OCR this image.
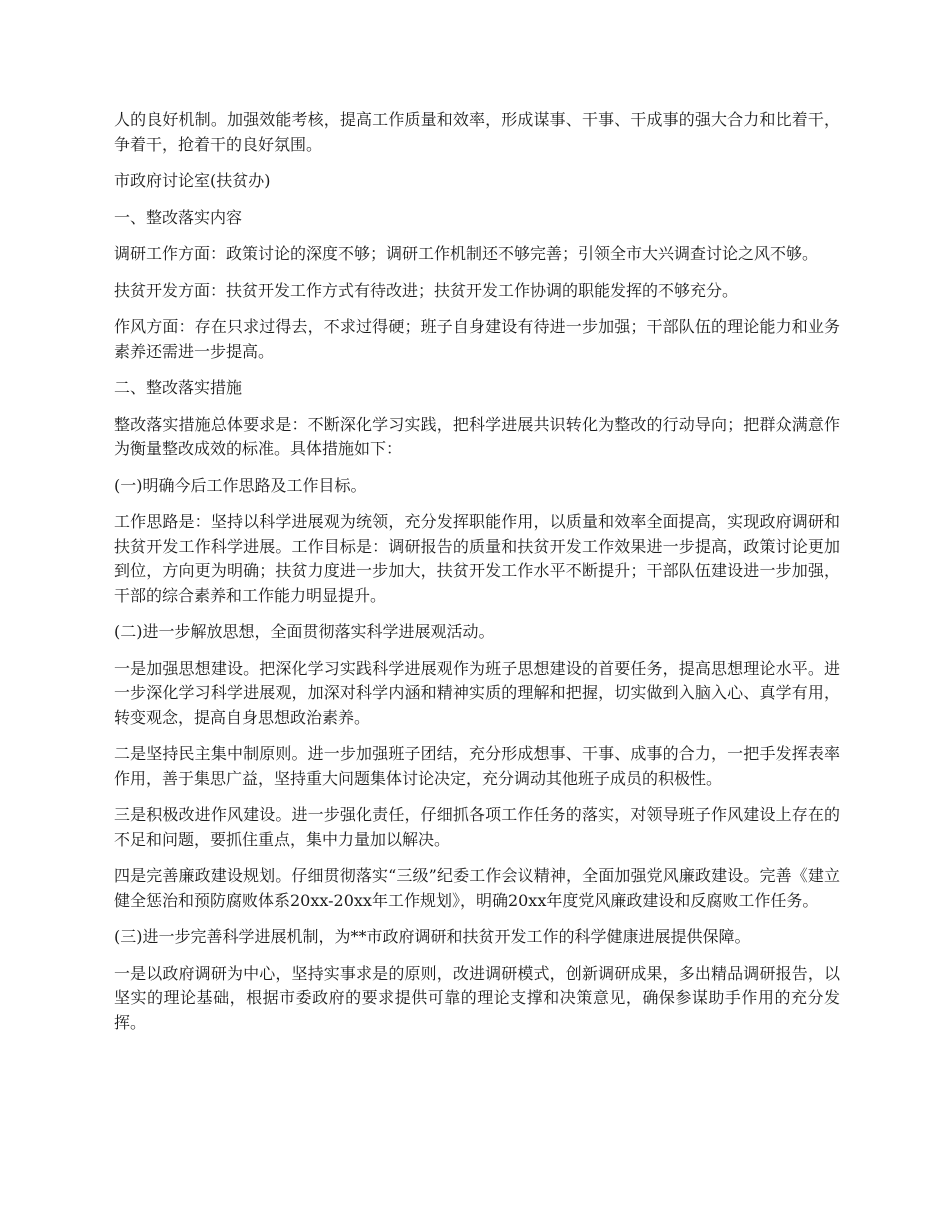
人的良好机制。加强效能考核，提高工作质量和效率，形成谋事、干事、干成事的强大合力和比着干，争着干，抢着干的良好氛围。

市政府讨论室(扶贫办)

一、整改落实内容

调研工作方面：政策讨论的深度不够；调研工作机制还不够完善；引领全市大兴调查讨论之风不够。

扶贫开发方面：扶贫开发工作方式有待改进；扶贫开发工作协调的职能发挥的不够充分。

作风方面：存在只求过得去，不求过得硬；班子自身建设有待进一步加强；干部队伍的理论能力和业务素养还需进一步提高。

二、整改落实措施

整改落实措施总体要求是：不断深化学习实践，把科学进展共识转化为整改的行动导向；把群众满意作为衡量整改成效的标准。具体措施如下：

(一)明确今后工作思路及工作目标。

工作思路是：坚持以科学进展观为统领，充分发挥职能作用，以质量和效率全面提高，实现政府调研和扶贫开发工作科学进展。工作目标是：调研报告的质量和扶贫开发工作效果进一步提高，政策讨论更加到位，方向更为明确；扶贫力度进一步加大，扶贫开发工作水平不断提升；干部队伍建设进一步加强，干部的综合素养和工作能力明显提升。

(二)进一步解放思想，全面贯彻落实科学进展观活动。

一是加强思想建设。把深化学习实践科学进展观作为班子思想建设的首要任务，提高思想理论水平。进一步深化学习科学进展观，加深对科学内涵和精神实质的理解和把握，切实做到入脑入心、真学有用，转变观念，提高自身思想政治素养。

二是坚持民主集中制原则。进一步加强班子团结，充分形成想事、干事、成事的合力，一把手发挥表率作用，善于集思广益，坚持重大问题集体讨论决定，充分调动其他班子成员的积极性。

三是积极改进作风建设。进一步强化责任，仔细抓各项工作任务的落实，对领导班子作风建设上存在的不足和问题，要抓住重点，集中力量加以解决。

四是完善廉政建设规划。仔细贯彻落实“三级”纪委工作会议精神，全面加强党风廉政建设。完善《建立健全惩治和预防腐败体系20xx-20xx年工作规划》，明确20xx年度党风廉政建设和反腐败工作任务。

(三)进一步完善科学进展机制，为**市政府调研和扶贫开发工作的科学健康进展提供保障。

一是以政府调研为中心，坚持实事求是的原则，改进调研模式，创新调研成果，多出精品调研报告，以坚实的理论基础，根据市委政府的要求提供可靠的理论支撑和决策意见，确保参谋助手作用的充分发挥。
